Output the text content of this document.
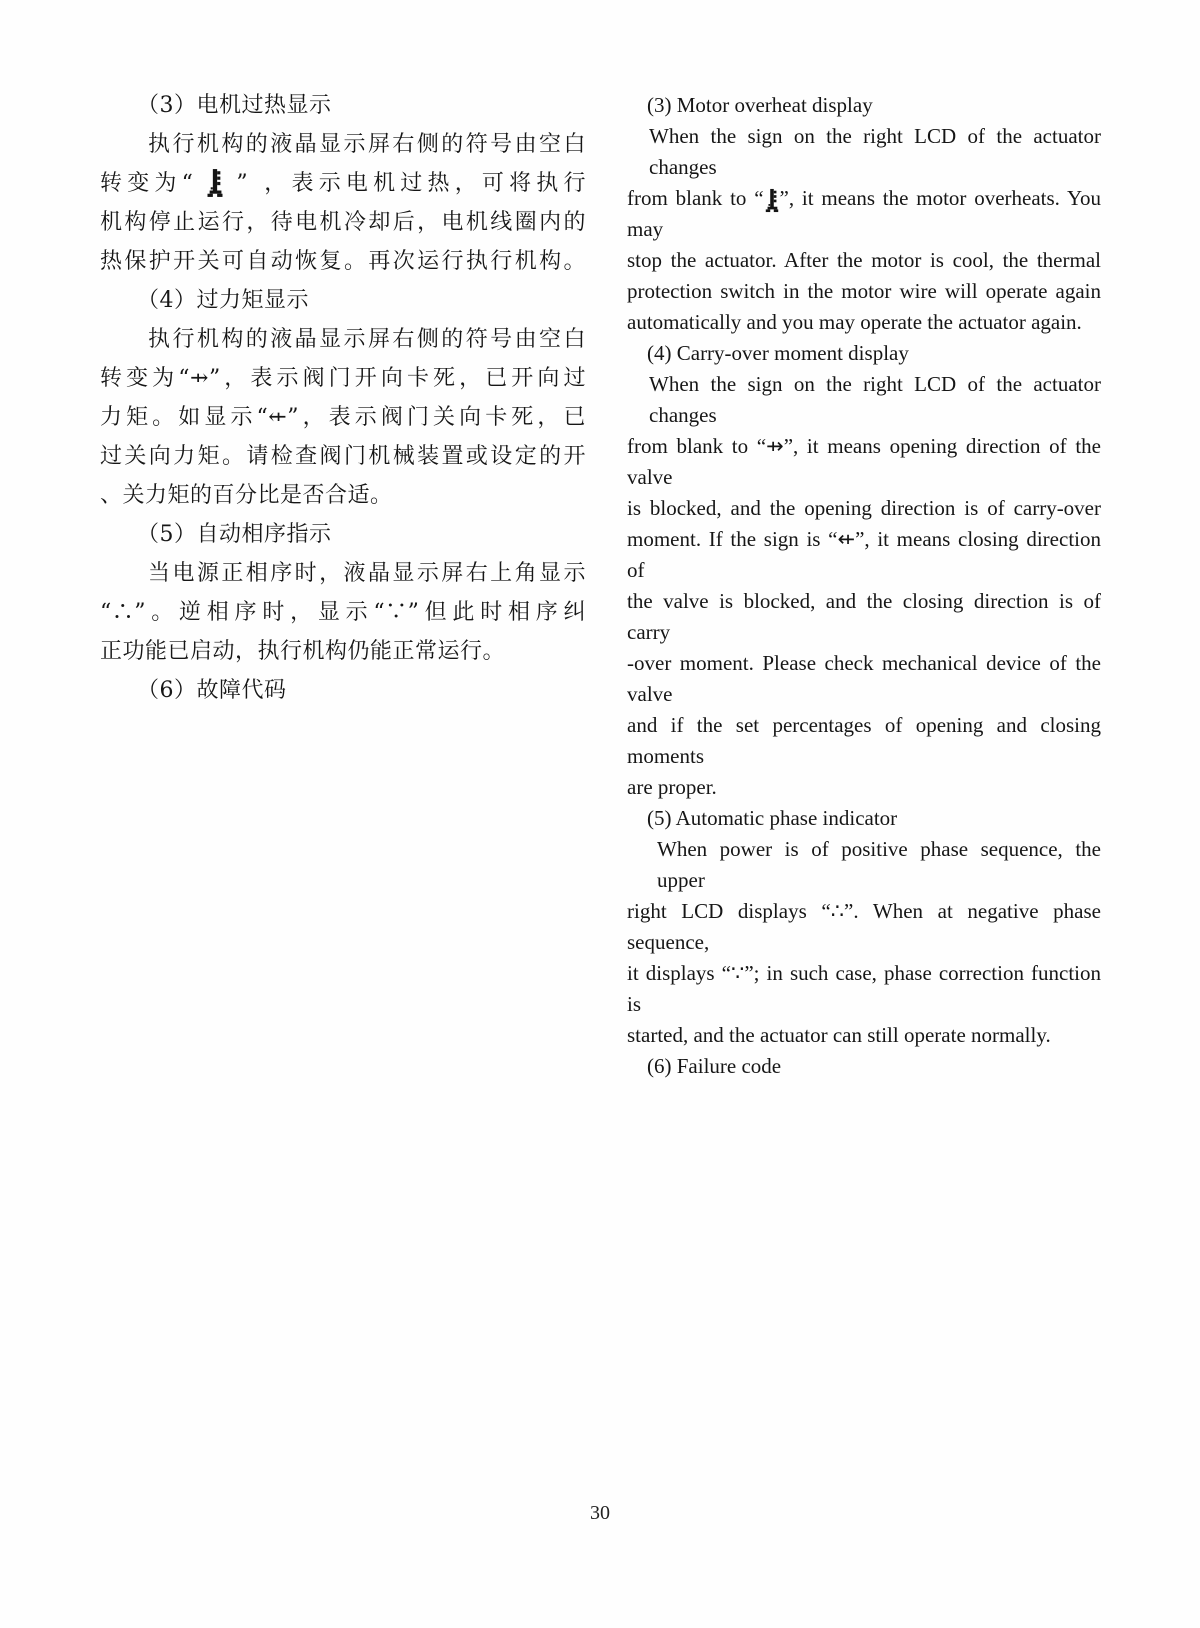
（3）电机过热显示
执行机构的液晶显示屏右侧的符号由空白
转变为“  ” ，表示电机过热，可将执行
机构停止运行，待电机冷却后，电机线圈内的
热保护开关可自动恢复。再次运行执行机构。
（4）过力矩显示
执行机构的液晶显示屏右侧的符号由空白
转变为“⇸”，表示阀门开向卡死，已开向过
力矩。如显示“⇷”，表示阀门关向卡死，已
过关向力矩。请检查阀门机械装置或设定的开
、关力矩的百分比是否合适。
（5）自动相序指示
当电源正相序时，液晶显示屏右上角显示
“∴”。逆相序时，显示“∵”但此时相序纠
正功能已启动，执行机构仍能正常运行。
（6）故障代码
(3) Motor overheat display
When the sign on the right LCD of the actuator changes
from blank to “ ”, it means the motor overheats. You may
stop the actuator. After the motor is cool, the thermal
protection switch in the motor wire will operate again
automatically and you may operate the actuator again.
(4) Carry-over moment display
When the sign on the right LCD of the actuator changes
from blank to “⇸”, it means opening direction of the valve
is blocked, and the opening direction is of carry-over
moment. If the sign is “⇷”, it means closing direction of
the valve is blocked, and the closing direction is of carry
-over moment. Please check mechanical device of the valve
and if the set percentages of opening and closing moments
are proper.
(5) Automatic phase indicator
When power is of positive phase sequence, the upper
right LCD displays “∴”. When at negative phase sequence,
it displays “∵”; in such case, phase correction function is
started, and the actuator can still operate normally.
(6) Failure code
30
